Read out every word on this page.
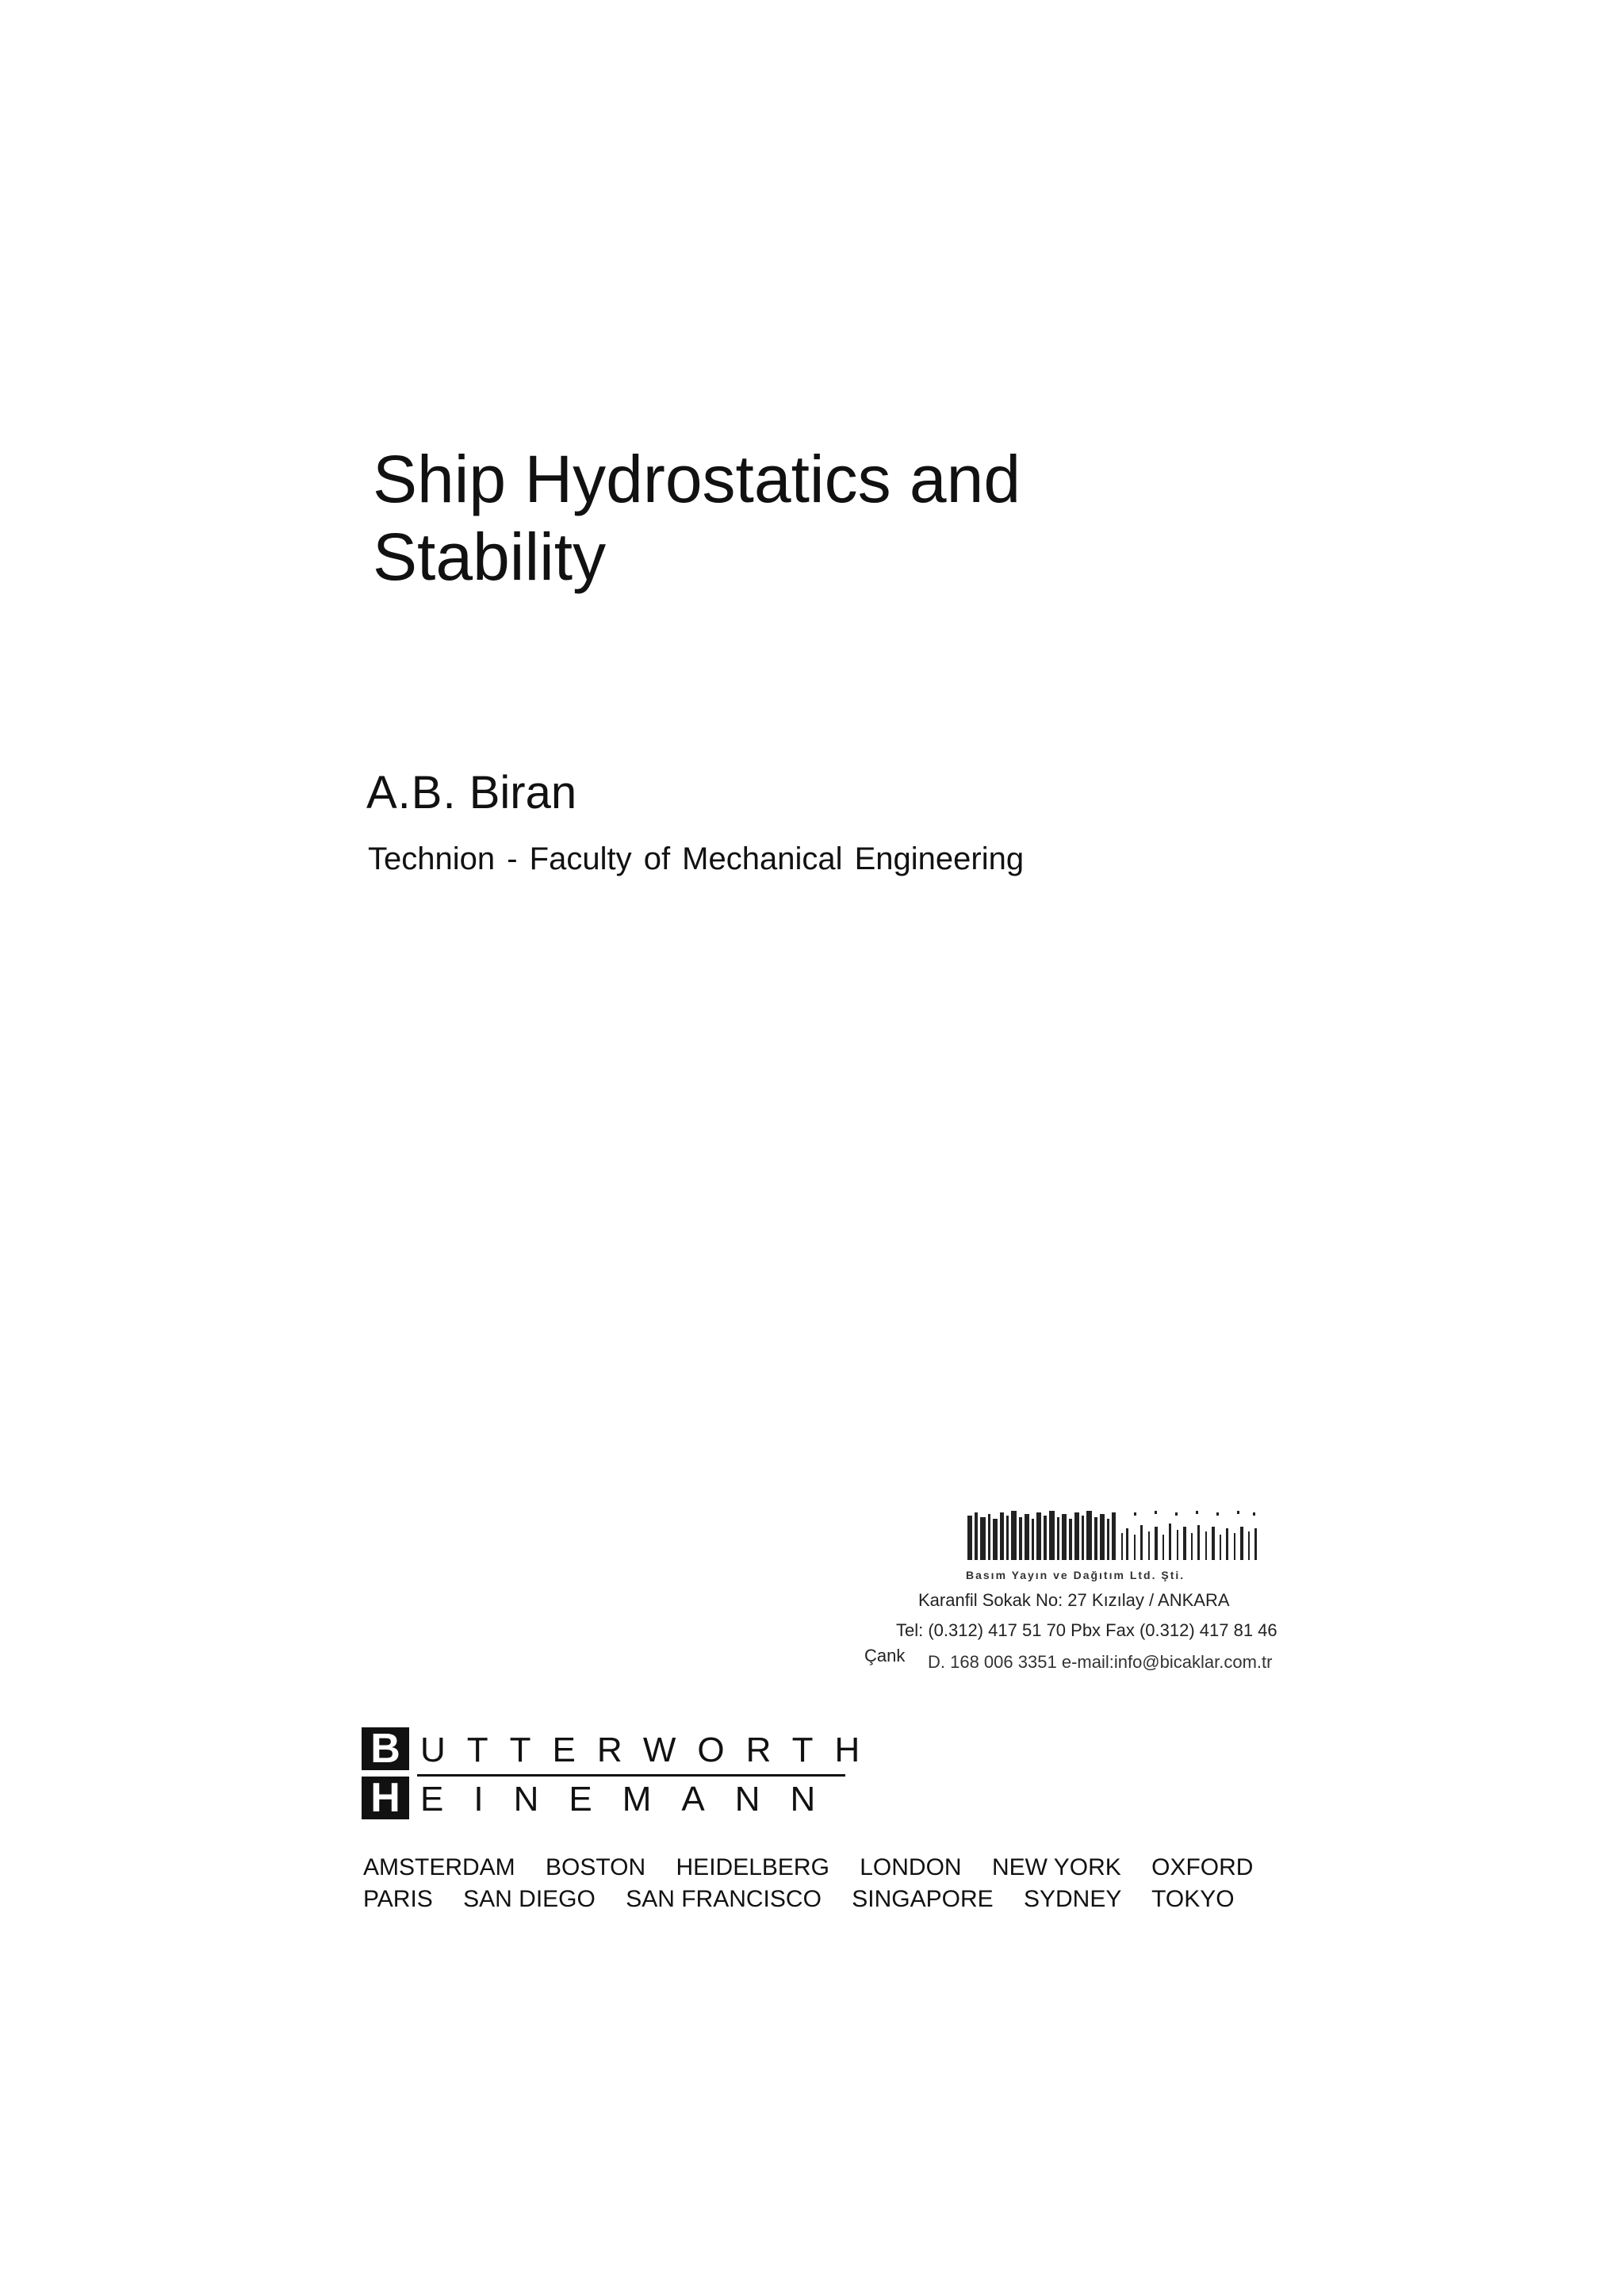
Ship Hydrostatics and
Stability
A.B. Biran
Technion - Faculty of Mechanical Engineering
Basım Yayın ve Dağıtım Ltd. Şti.
Karanfil Sokak No: 27 Kızılay / ANKARA
Tel: (0.312) 417 51 70 Pbx Fax (0.312) 417 81 46
Çank D. 168 006 3351 e-mail:info@bicaklar.com.tr
B
H
UTTERWORTH
EINEMANN
AMSTERDAM BOSTON HEIDELBERG LONDON NEW YORK OXFORD
PARIS SAN DIEGO SAN FRANCISCO SINGAPORE SYDNEY TOKYO
